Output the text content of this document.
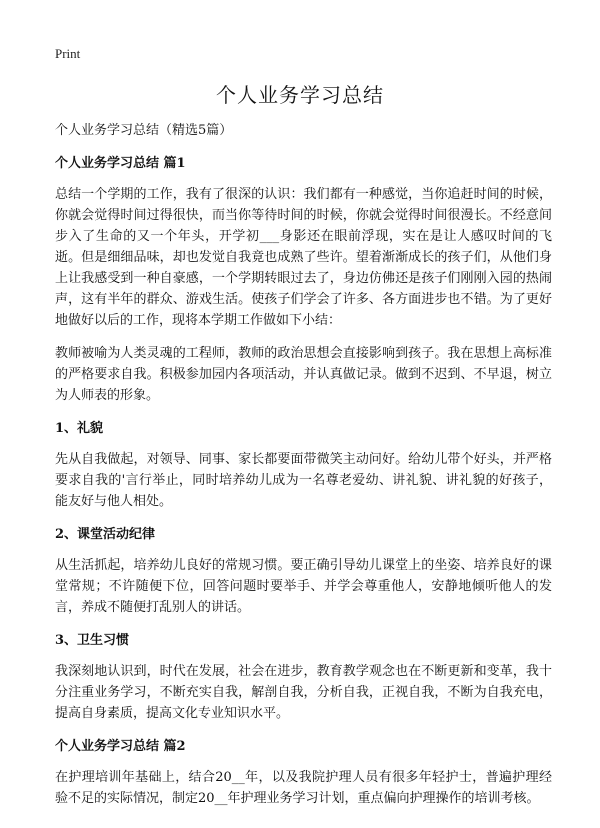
Print
个人业务学习总结

个人业务学习总结（精选5篇）

个人业务学习总结 篇1

总结一个学期的工作，我有了很深的认识：我们都有一种感觉，当你追赶时间的时候，你就会觉得时间过得很快，而当你等待时间的时候，你就会觉得时间很漫长。不经意间步入了生命的又一个年头，开学初___身影还在眼前浮现，实在是让人感叹时间的飞逝。但是细细品味，却也发觉自我竟也成熟了些许。望着渐渐成长的孩子们，从他们身上让我感受到一种自豪感，一个学期转眼过去了，身边仿佛还是孩子们刚刚入园的热闹声，这有半年的群众、游戏生活。使孩子们学会了许多、各方面进步也不错。为了更好地做好以后的工作，现将本学期工作做如下小结：

教师被喻为人类灵魂的工程师，教师的政治思想会直接影响到孩子。我在思想上高标准的严格要求自我。积极参加园内各项活动，并认真做记录。做到不迟到、不早退，树立为人师表的形象。

1、礼貌

先从自我做起，对领导、同事、家长都要面带微笑主动问好。给幼儿带个好头，并严格要求自我的'言行举止，同时培养幼儿成为一名尊老爱幼、讲礼貌、讲礼貌的好孩子，能友好与他人相处。

2、课堂活动纪律

从生活抓起，培养幼儿良好的常规习惯。要正确引导幼儿课堂上的坐姿、培养良好的课堂常规；不许随便下位，回答问题时要举手、并学会尊重他人，安静地倾听他人的发言，养成不随便打乱别人的讲话。

3、卫生习惯

我深刻地认识到，时代在发展，社会在进步，教育教学观念也在不断更新和变革，我十分注重业务学习，不断充实自我，解剖自我，分析自我，正视自我，不断为自我充电，提高自身素质，提高文化专业知识水平。

个人业务学习总结 篇2

在护理培训年基础上，结合20__年，以及我院护理人员有很多年轻护士，普遍护理经验不足的实际情况，制定20__年护理业务学习计划，重点偏向护理操作的培训考核。
